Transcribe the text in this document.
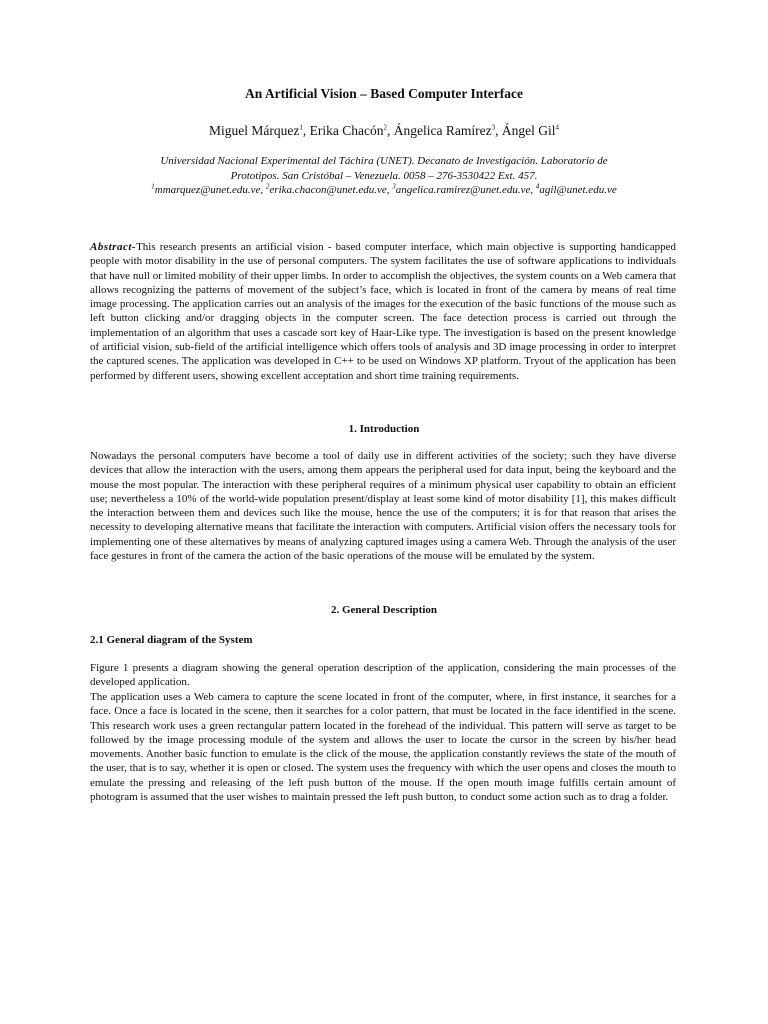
An Artificial Vision – Based Computer Interface
Miguel Márquez$^1$, Erika Chacón$^2$, Ángelica Ramírez$^3$, Ángel Gil$^4$
Universidad Nacional Experimental del Táchira (UNET). Decanato de Investigación. Laboratorio de
Prototipos. San Cristóbal – Venezuela. 0058 – 276-3530422 Ext. 457.
$^1$mmarquez@unet.edu.ve, $^2$erika.chacon@unet.edu.ve, $^3$angelica.ramirez@unet.edu.ve, $^4$agil@unet.edu.ve

Abstract-This research presents an artificial vision - based computer interface, which main objective is supporting handicapped people with motor disability in the use of personal computers. The system facilitates the use of software applications to individuals that have null or limited mobility of their upper limbs. In order to accomplish the objectives, the system counts on a Web camera that allows recognizing the patterns of movement of the subject’s face, which is located in front of the camera by means of real time image processing. The application carries out an analysis of the images for the execution of the basic functions of the mouse such as left button clicking and/or dragging objects in the computer screen. The face detection process is carried out through the implementation of an algorithm that uses a cascade sort key of Haar-Like type. The investigation is based on the present knowledge of artificial vision, sub-field of the artificial intelligence which offers tools of analysis and 3D image processing in order to interpret the captured scenes. The application was developed in C++ to be used on Windows XP platform. Tryout of the application has been performed by different users, showing excellent acceptation and short time training requirements.

1. Introduction

Nowadays the personal computers have become a tool of daily use in different activities of the society; such they have diverse devices that allow the interaction with the users, among them appears the peripheral used for data input, being the keyboard and the mouse the most popular. The interaction with these peripheral requires of a minimum physical user capability to obtain an efficient use; nevertheless a 10% of the world-wide population present/display at least some kind of motor disability [1], this makes difficult the interaction between them and devices such like the mouse, hence the use of the computers; it is for that reason that arises the necessity to developing alternative means that facilitate the interaction with computers. Artificial vision offers the necessary tools for implementing one of these alternatives by means of analyzing captured images using a camera Web. Through the analysis of the user face gestures in front of the camera the action of the basic operations of the mouse will be emulated by the system.

2. General Description
2.1 General diagram of the System

Figure 1 presents a diagram showing the general operation description of the application, considering the main processes of the developed application.

The application uses a Web camera to capture the scene located in front of the computer, where, in first instance, it searches for a face. Once a face is located in the scene, then it searches for a color pattern, that must be located in the face identified in the scene. This research work uses a green rectangular pattern located in the forehead of the individual. This pattern will serve as target to be followed by the image processing module of the system and allows the user to locate the cursor in the screen by his/her head movements. Another basic function to emulate is the click of the mouse, the application constantly reviews the state of the mouth of the user, that is to say, whether it is open or closed. The system uses the frequency with which the user opens and closes the mouth to emulate the pressing and releasing of the left push button of the mouse. If the open mouth image fulfills certain amount of photogram is assumed that the user wishes to maintain pressed the left push button, to conduct some action such as to drag a folder.
